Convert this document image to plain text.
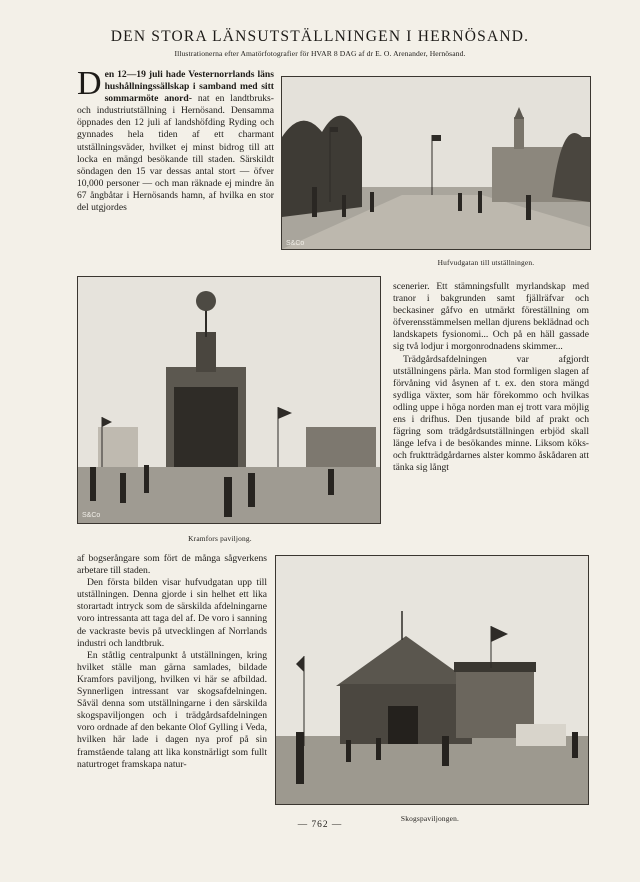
DEN STORA LÄNSUTSTÄLLNINGEN I HERNÖSAND.
Illustrationerna efter Amatörfotografier för HVAR 8 DAG af dr E. O. Arenander, Hernösand.

D en 12—19 juli hade Vesternorrlands läns hushållningssällskap i samband med sitt sommarmöte anord- nat en landtbruks- och industriutställning i Hernösand. Densamma öppnades den 12 juli af landshöfding Ryding och gynnades hela tiden af ett charmant utställningsväder, hvilket ej minst bidrog till att locka en mängd besökande till staden. Särskildt söndagen den 15 var dessas antal stort — öfver 10,000 personer — och man räknade ej mindre än 67 ångbåtar i Hernösands hamn, af hvilka en stor del utgjordes

S&Co
Hufvudgatan till utställningen.
S&Co
Kramfors paviljong.

scenerier. Ett stämningsfullt myrlandskap med tranor i bakgrunden samt fjällräfvar och beckasiner gåfvo en utmärkt föreställning om öfverensstämmelsen mellan djurens beklädnad och landskapets fysionomi... Och på en häll gassade sig två lodjur i morgonrodnadens skimmer...

Trädgårdsafdelningen var afgjordt utställningens pärla. Man stod formligen slagen af förvåning vid åsynen af t. ex. den stora mängd sydliga växter, som här förekommo och hvilkas odling uppe i höga norden man ej trott vara möjlig ens i drifhus. Den tjusande bild af prakt och fägring som trädgårdsutställningen erbjöd skall länge lefva i de besökandes minne. Liksom köks- och fruktträdgårdarnes alster kommo åskådaren att tänka sig långt

af bogserångare som fört de många sågverkens arbetare till staden.

Den första bilden visar hufvudgatan upp till utställningen. Denna gjorde i sin helhet ett lika storartadt intryck som de särskilda afdelningarne voro intressanta att taga del af. De voro i sanning de vackraste bevis på utvecklingen af Norrlands industri och landtbruk.

En ståtlig centralpunkt å utställningen, kring hvilket ställe man gärna samlades, bildade Kramfors paviljong, hvilken vi här se afbildad. Synnerligen intressant var skogsafdelningen. Såväl denna som utställningarne i den särskilda skogspaviljongen och i trädgårdsafdelningen voro ordnade af den bekante Olof Gylling i Veda, hvilken här lade i dagen nya prof på sin framstående talang att lika konstnärligt som fullt naturtroget framskapa natur-

Skogspaviljongen.
— 762 —
